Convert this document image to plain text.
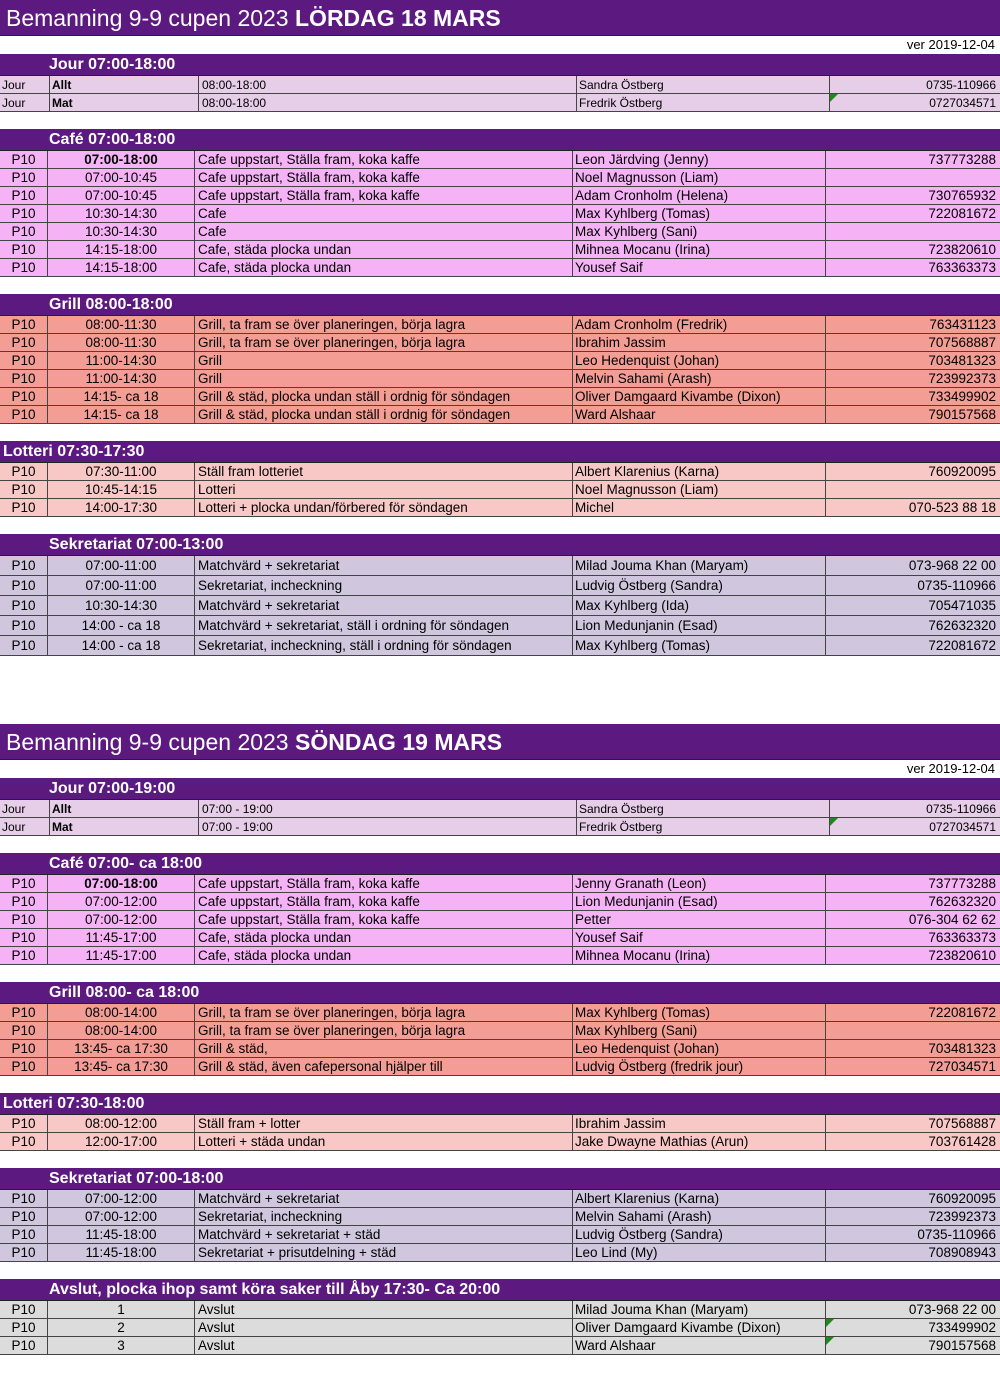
Bemanning 9-9 cupen 2023 LÖRDAG 18 MARS
ver 2019-12-04
Jour 07:00-18:00
Jour	Allt	08:00-18:00	Sandra Östberg	0735-110966
Jour	Mat	08:00-18:00	Fredrik Östberg	0727034571
Café 07:00-18:00
P10	07:00-18:00	Cafe uppstart, Ställa fram, koka kaffe	Leon Järdving (Jenny)	737773288
P10	07:00-10:45	Cafe uppstart, Ställa fram, koka kaffe	Noel Magnusson (Liam)
P10	07:00-10:45	Cafe uppstart, Ställa fram, koka kaffe	Adam Cronholm (Helena)	730765932
P10	10:30-14:30	Cafe	Max Kyhlberg (Tomas)	722081672
P10	10:30-14:30	Cafe	Max Kyhlberg (Sani)
P10	14:15-18:00	Cafe, städa plocka undan	Mihnea Mocanu (Irina)	723820610
P10	14:15-18:00	Cafe, städa plocka undan	Yousef Saif	763363373
Grill 08:00-18:00
P10	08:00-11:30	Grill, ta fram se över planeringen, börja lagra	Adam Cronholm (Fredrik)	763431123
P10	08:00-11:30	Grill, ta fram se över planeringen, börja lagra	Ibrahim Jassim	707568887
P10	11:00-14:30	Grill	Leo Hedenquist (Johan)	703481323
P10	11:00-14:30	Grill	Melvin Sahami (Arash)	723992373
P10	14:15- ca 18	Grill & städ, plocka undan ställ i ordnig för söndagen	Oliver Damgaard Kivambe (Dixon)	733499902
P10	14:15- ca 18	Grill & städ, plocka undan ställ i ordnig för söndagen	Ward Alshaar	790157568
Lotteri 07:30-17:30
P10	07:30-11:00	Ställ fram lotteriet	Albert Klarenius (Karna)	760920095
P10	10:45-14:15	Lotteri	Noel Magnusson (Liam)
P10	14:00-17:30	Lotteri + plocka undan/förbered för söndagen	Michel	070-523 88 18
Sekretariat 07:00-13:00
P10	07:00-11:00	Matchvärd + sekretariat	Milad Jouma Khan (Maryam)	073-968 22 00
P10	07:00-11:00	Sekretariat, incheckning	Ludvig Östberg (Sandra)	0735-110966
P10	10:30-14:30	Matchvärd + sekretariat	Max Kyhlberg (Ida)	705471035
P10	14:00 - ca 18	Matchvärd + sekretariat, ställ i ordning för söndagen	Lion Medunjanin (Esad)	762632320
P10	14:00 - ca 18	Sekretariat, incheckning, ställ i ordning för söndagen	Max Kyhlberg (Tomas)	722081672
Bemanning 9-9 cupen 2023 SÖNDAG 19 MARS
ver 2019-12-04
Jour 07:00-19:00
Jour	Allt	07:00 - 19:00	Sandra Östberg	0735-110966
Jour	Mat	07:00 - 19:00	Fredrik Östberg	0727034571
Café 07:00- ca 18:00
P10	07:00-18:00	Cafe uppstart, Ställa fram, koka kaffe	Jenny Granath (Leon)	737773288
P10	07:00-12:00	Cafe uppstart, Ställa fram, koka kaffe	Lion Medunjanin (Esad)	762632320
P10	07:00-12:00	Cafe uppstart, Ställa fram, koka kaffe	Petter	076-304 62 62
P10	11:45-17:00	Cafe, städa plocka undan	Yousef Saif	763363373
P10	11:45-17:00	Cafe, städa plocka undan	Mihnea Mocanu (Irina)	723820610
Grill 08:00- ca 18:00
P10	08:00-14:00	Grill, ta fram se över planeringen, börja lagra	Max Kyhlberg (Tomas)	722081672
P10	08:00-14:00	Grill, ta fram se över planeringen, börja lagra	Max Kyhlberg (Sani)
P10	13:45- ca 17:30	Grill & städ,	Leo Hedenquist (Johan)	703481323
P10	13:45- ca 17:30	Grill & städ, även cafepersonal hjälper till	Ludvig Östberg (fredrik jour)	727034571
Lotteri 07:30-18:00
P10	08:00-12:00	Ställ fram + lotter	Ibrahim Jassim	707568887
P10	12:00-17:00	Lotteri + städa undan	Jake Dwayne Mathias (Arun)	703761428
Sekretariat 07:00-18:00
P10	07:00-12:00	Matchvärd + sekretariat	Albert Klarenius (Karna)	760920095
P10	07:00-12:00	Sekretariat, incheckning	Melvin Sahami (Arash)	723992373
P10	11:45-18:00	Matchvärd + sekretariat + städ	Ludvig Östberg (Sandra)	0735-110966
P10	11:45-18:00	Sekretariat + prisutdelning + städ	Leo Lind (My)	708908943
Avslut, plocka ihop samt köra saker till Åby 17:30- Ca 20:00
P10	1	Avslut	Milad Jouma Khan (Maryam)	073-968 22 00
P10	2	Avslut	Oliver Damgaard Kivambe (Dixon)	733499902
P10	3	Avslut	Ward Alshaar	790157568
